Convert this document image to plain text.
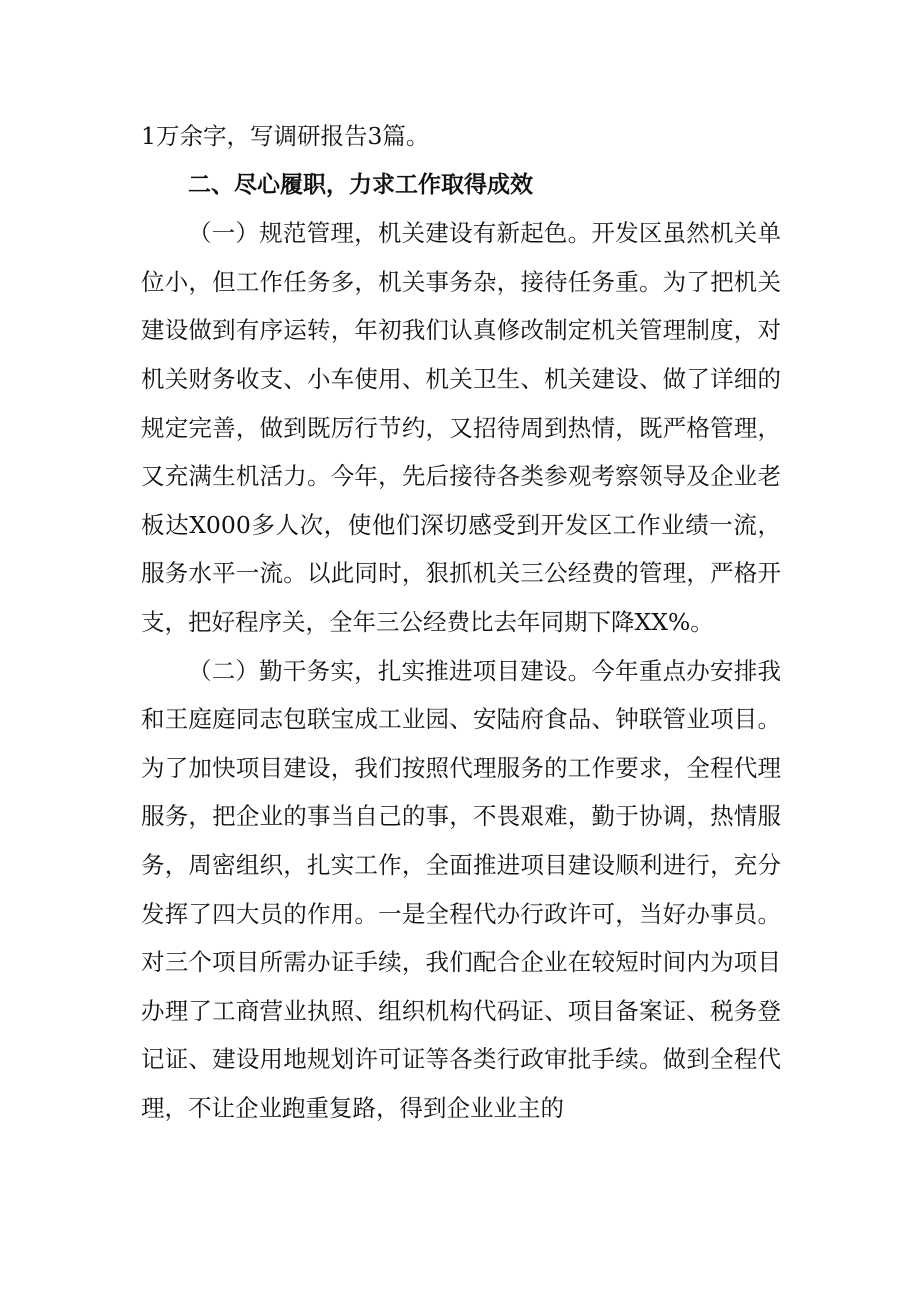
1万余字，写调研报告3篇。

二、尽心履职，力求工作取得成效

（一）规范管理，机关建设有新起色。开发区虽然机关单位小，但工作任务多，机关事务杂，接待任务重。为了把机关建设做到有序运转，年初我们认真修改制定机关管理制度，对机关财务收支、小车使用、机关卫生、机关建设、做了详细的规定完善，做到既厉行节约，又招待周到热情，既严格管理，又充满生机活力。今年，先后接待各类参观考察领导及企业老板达X000多人次，使他们深切感受到开发区工作业绩一流，服务水平一流。以此同时，狠抓机关三公经费的管理，严格开支，把好程序关，全年三公经费比去年同期下降XX%。

（二）勤干务实，扎实推进项目建设。今年重点办安排我和王庭庭同志包联宝成工业园、安陆府食品、钟联管业项目。为了加快项目建设，我们按照代理服务的工作要求，全程代理服务，把企业的事当自己的事，不畏艰难，勤于协调，热情服务，周密组织，扎实工作，全面推进项目建设顺利进行，充分发挥了四大员的作用。一是全程代办行政许可，当好办事员。对三个项目所需办证手续，我们配合企业在较短时间内为项目办理了工商营业执照、组织机构代码证、项目备案证、税务登记证、建设用地规划许可证等各类行政审批手续。做到全程代理，不让企业跑重复路，得到企业业主的
